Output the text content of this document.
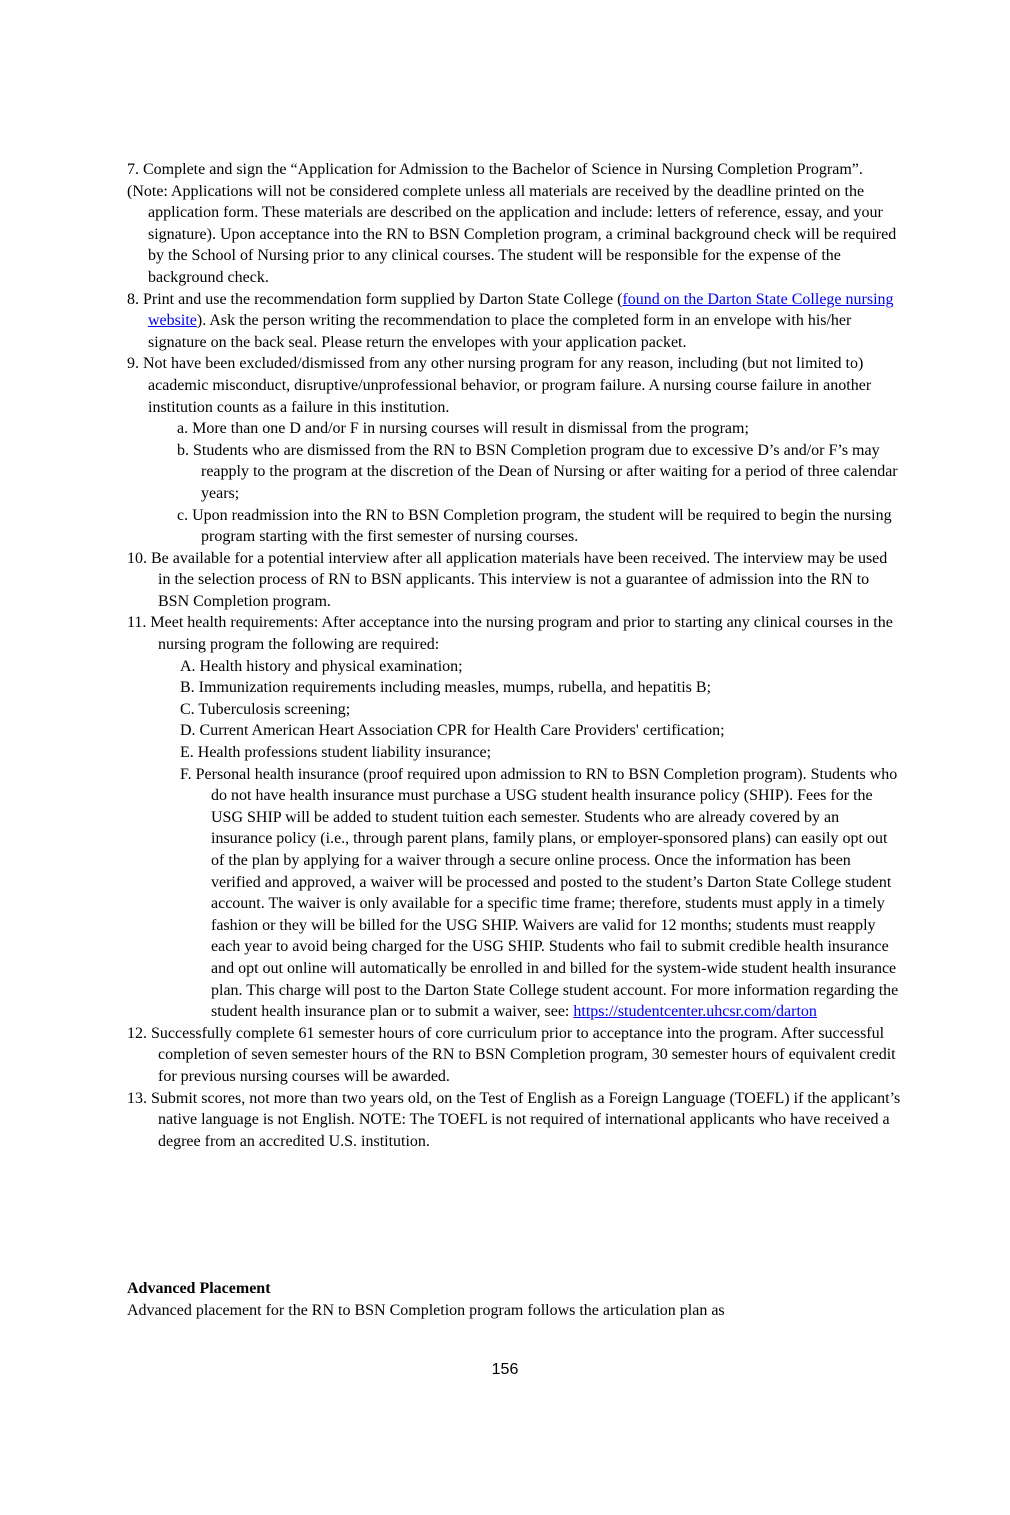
7. Complete and sign the “Application for Admission to the Bachelor of Science in Nursing Completion Program”.

(Note: Applications will not be considered complete unless all materials are received by the deadline printed on the application form. These materials are described on the application and include: letters of reference, essay, and your signature). Upon acceptance into the RN to BSN Completion program, a criminal background check will be required by the School of Nursing prior to any clinical courses. The student will be responsible for the expense of the background check.

8. Print and use the recommendation form supplied by Darton State College (found on the Darton State College nursing website). Ask the person writing the recommendation to place the completed form in an envelope with his/her signature on the back seal. Please return the envelopes with your application packet.

9. Not have been excluded/dismissed from any other nursing program for any reason, including (but not limited to) academic misconduct, disruptive/unprofessional behavior, or program failure. A nursing course failure in another institution counts as a failure in this institution.

a. More than one D and/or F in nursing courses will result in dismissal from the program;

b. Students who are dismissed from the RN to BSN Completion program due to excessive D’s and/or F’s may reapply to the program at the discretion of the Dean of Nursing or after waiting for a period of three calendar years;

c. Upon readmission into the RN to BSN Completion program, the student will be required to begin the nursing program starting with the first semester of nursing courses.

10. Be available for a potential interview after all application materials have been received. The interview may be used in the selection process of RN to BSN applicants. This interview is not a guarantee of admission into the RN to BSN Completion program.

11. Meet health requirements: After acceptance into the nursing program and prior to starting any clinical courses in the nursing program the following are required:

A. Health history and physical examination;

B. Immunization requirements including measles, mumps, rubella, and hepatitis B;

C. Tuberculosis screening;

D. Current American Heart Association CPR for Health Care Providers' certification;

E. Health professions student liability insurance;

F. Personal health insurance (proof required upon admission to RN to BSN Completion program). Students who do not have health insurance must purchase a USG student health insurance policy (SHIP). Fees for the USG SHIP will be added to student tuition each semester. Students who are already covered by an insurance policy (i.e., through parent plans, family plans, or employer-sponsored plans) can easily opt out of the plan by applying for a waiver through a secure online process. Once the information has been verified and approved, a waiver will be processed and posted to the student’s Darton State College student account. The waiver is only available for a specific time frame; therefore, students must apply in a timely fashion or they will be billed for the USG SHIP. Waivers are valid for 12 months; students must reapply each year to avoid being charged for the USG SHIP. Students who fail to submit credible health insurance and opt out online will automatically be enrolled in and billed for the system-wide student health insurance plan. This charge will post to the Darton State College student account. For more information regarding the student health insurance plan or to submit a waiver, see: https://studentcenter.uhcsr.com/darton

12. Successfully complete 61 semester hours of core curriculum prior to acceptance into the program. After successful completion of seven semester hours of the RN to BSN Completion program, 30 semester hours of equivalent credit for previous nursing courses will be awarded.

13. Submit scores, not more than two years old, on the Test of English as a Foreign Language (TOEFL) if the applicant’s native language is not English. NOTE: The TOEFL is not required of international applicants who have received a degree from an accredited U.S. institution.

Advanced Placement

Advanced placement for the RN to BSN Completion program follows the articulation plan as

156
